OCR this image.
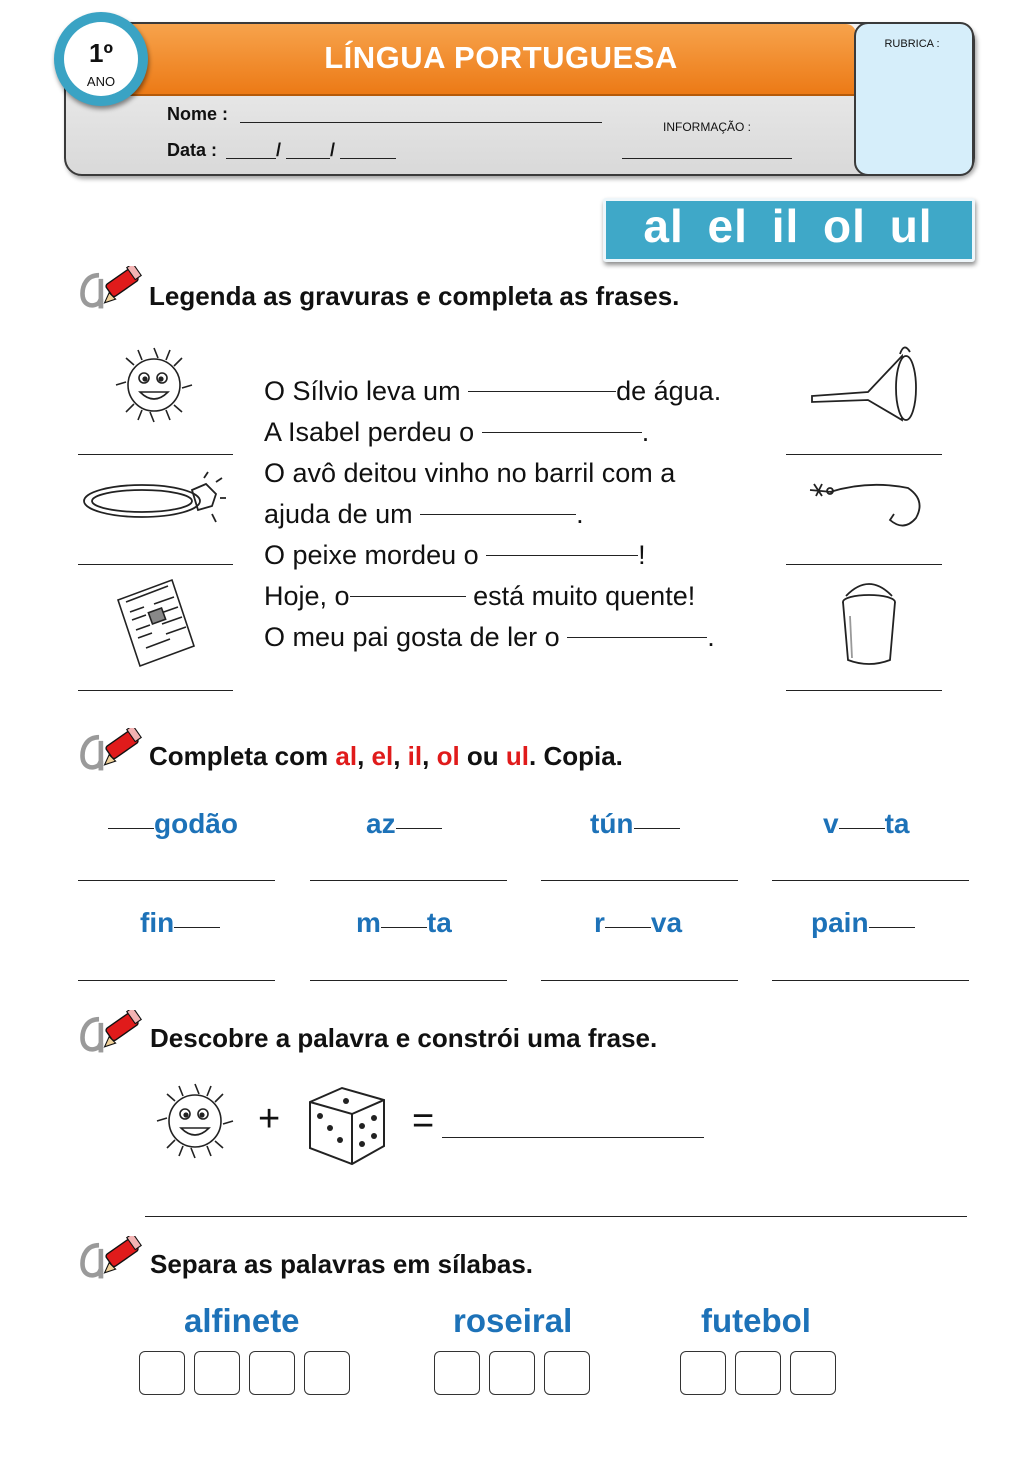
LÍNGUA PORTUGUESA	RUBRICA :
1º
ANO
Nome :
Data :	/	/
INFORMAÇÃO :
al el il ol ul
Legenda as gravuras e completa as frases.
O Sílvio leva um	de água.
A Isabel perdeu o	.
O avô deitou vinho no barril com a
ajuda de um	.
O peixe mordeu o	!
Hoje, o	está muito quente!
O meu pai gosta de ler o	.
Completa com al, el, il, ol ou ul. Copia.
godão	az	tún	v ta
fin	m ta	r va	pain
Descobre a palavra e constrói uma frase.
+	=
Separa as palavras em sílabas.
alfinete	roseiral	futebol
